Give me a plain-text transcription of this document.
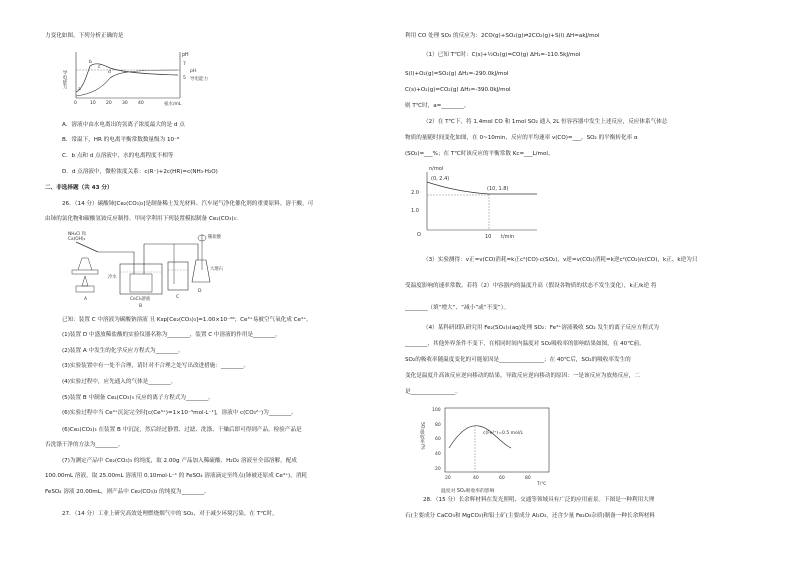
力变化如图。下列分析正确的是
导电能力
a
b
c
d
0	10 20 30 40	氨水/mL
pH
7
5
pH
导电能力
A．溶液中由水电离出的氢离子浓度最大的是 d 点
B．常温下，HR 的电离平衡常数数量级为 10⁻⁸
C．b 点和 d 点溶液中，水的电离程度不相等
D．d 点溶液中，微粒浓度关系：c(R⁻)+2c(HR)=c(NH₃·H₂O)
二、非选择题（共 43 分）
26．（14 分）碳酸铈[Ce₂(CO₃)₃]是制备稀土发光材料、汽车尾气净化催化剂的重要原料。溶于酸，可
由铈的氯化物和碳酸氢铵反应制得。甲同学利用下列装置模拟制备 Ce₂(CO₃)₃：
NH₄Cl 和
Ca(OH)₂
A
冷水
CeCl₃溶液
B
C
稀盐酸
大理石
D
已知：装置 C 中溶液为碳酸钠溶液 且 Ksp[Ce₂(CO₃)₃]=1.00×10⁻²⁸；Ce³⁺易被空气氧化成 Ce⁴⁺。
(1)装置 D 中盛放稀盐酸的实验仪器名称为________，装置 C 中溶液的作用是________。
(2)装置 A 中发生的化学反应方程式为________。
(3)实验装置中有一处不合理，请针对不合理之处写出改进措施：________。
(4)实验过程中，应先通入的气体是________。
(5)装置 B 中制备 Ce₂(CO₃)₃ 反应的离子方程式为________。
(6)实验过程中当 Ce³⁺沉淀完全时[c(Ce³⁺)=1×10⁻⁵mol·L⁻¹]，溶液中 c(CO₃²⁻)为________。
(6)Ce₂(CO₃)₃ 在装置 B 中沉淀，然后经过静置、过滤、洗涤、干燥后即可得到产品。检验产品是
否洗涤干净的方法为________。
(7)为测定产品中 Ce₂(CO₃)₃ 的纯度，取 2.00g 产品加入稀硫酸、H₂O₂ 溶液至全部溶解，配成
100.00mL 溶液，取 25.00mL 溶液用 0.10mol·L⁻¹ 的 FeSO₄ 溶液滴定至终点(铈被还原成 Ce³⁺)，消耗
FeSO₄ 溶液 20.00mL，则产品中 Ce₂(CO₃)₃ 的纯度为________。
27．（14 分）工业上研究高效处理燃烧烟气中的 SO₂，对于减少环境污染。在 T℃时，
利用 CO 处理 SO₂ 的反应为：2CO(g)+SO₂(g)⇌2CO₂(g)+S(l) ΔH=akJ/mol
（1）已知 T℃时：C(s)+½O₂(g)=CO(g) ΔH₁=-110.5kJ/mol
S(l)+O₂(g)=SO₂(g) ΔH₂=-290.0kJ/mol
C(s)+O₂(g)=CO₂(g) ΔH₃=-390.0kJ/mol
则 T℃时，a=________。
（2）在 T℃下，将 1.4mol CO 和 1mol SO₂ 通入 2L 恒容容器中发生上述反应，反应体系气体总
物质的量随时间变化如图，在 0~10min，反应的平均速率 v(CO)=___，SO₂ 的平衡转化率 α
(SO₂)=___%；在 T℃时该反应的平衡常数 Kc=___L/mol。
n/mol
(0, 2.4)
(10, 1.8)
2.0
1.0
O	10 t/min
（3）实验测得：v正=v(CO)消耗=k正c²(CO)·c(SO₂)，v逆=v(CO₂)消耗=k逆c²(CO₂)/c(CO)，k正、k逆为只
受温度影响的速率常数。若将（2）中容器内的温度升高（假设各物质的状态不发生变化），k正/k逆 将
________（填“增大”、“减小”或“不变”）。
（4）某科研团队研究用 Fe₂(SO₄)₃(aq)处理 SO₂：Fe³⁺溶液吸收 SO₂ 发生的离子反应方程式为
________，其他外界条件不变下，在相同时间内温度对 SO₂吸收率的影响结果如图，在 40℃前，
SO₂的吸收率随温度变化的可能原因是________________；在 40℃后，SO₂的吸收率发生的
变化是温度升高该反应逆向移动的结果，导致反应逆向移动的原因：一是该反应为放热反应，二
是________________。
SO₂吸收率/%	c(Fe³⁺)=0.5 mol/L
100
80
60
40
20
20	40	60	80
T/℃
温度对 SO₂吸收率的影响
28．（15 分）长余辉材料在发光照明、交通等领域具有广泛的应用前景。下图是一种利用大理
石(主要成分 CaCO₃和 MgCO₃)和铝土矿(主要成分 Al₂O₃，还含少量 Fe₂O₃杂质)制备一种长余辉材料
